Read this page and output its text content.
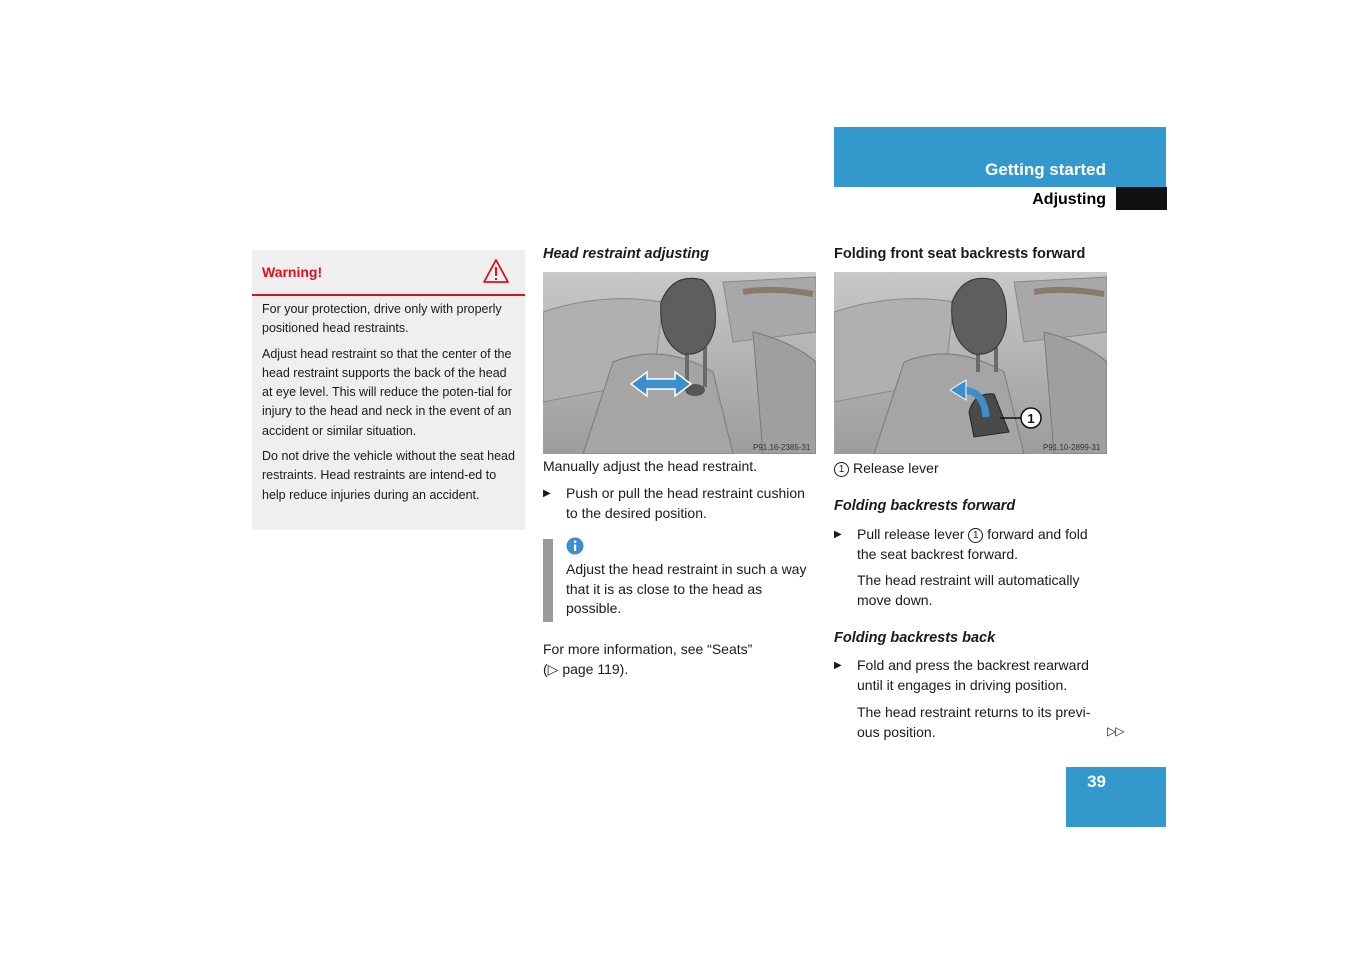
Getting started
Adjusting
Warning!

For your protection, drive only with properly positioned head restraints.

Adjust head restraint so that the center of the head restraint supports the back of the head at eye level. This will reduce the poten-tial for injury to the head and neck in the event of an accident or similar situation.

Do not drive the vehicle without the seat head restraints. Head restraints are intend-ed to help reduce injuries during an accident.

Head restraint adjusting
P91.16-2385-31
Manually adjust the head restraint.
▶ Push or pull the head restraint cushion to the desired position.
Adjust the head restraint in such a way that it is as close to the head as possible.
For more information, see “Seats”
(▷ page 119).
Folding front seat backrests forward
1
P91.10-2899-31
1 Release lever
Folding backrests forward
▶ Pull release lever 1 forward and fold the seat backrest forward.
The head restraint will automatically move down.
Folding backrests back
▶ Fold and press the backrest rearward until it engages in driving position.
The head restraint returns to its previ-ous position.	▷▷
39
